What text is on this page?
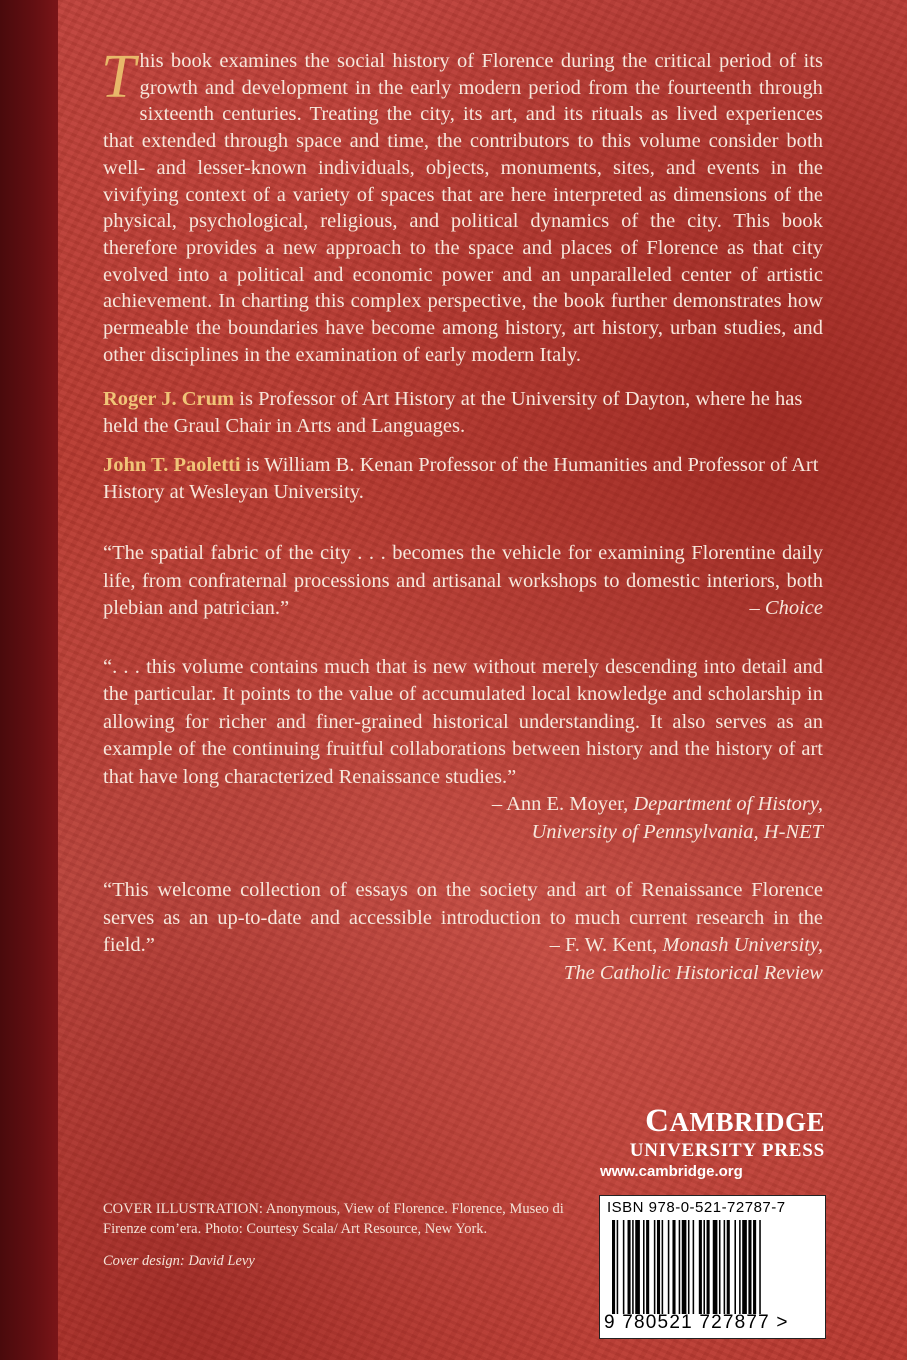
This book examines the social history of Florence during the critical period of its growth and development in the early modern period from the fourteenth through sixteenth centuries. Treating the city, its art, and its rituals as lived experiences that extended through space and time, the contributors to this volume consider both well- and lesser-known individuals, objects, monuments, sites, and events in the vivifying context of a variety of spaces that are here interpreted as dimensions of the physical, psychological, religious, and political dynamics of the city. This book therefore provides a new approach to the space and places of Florence as that city evolved into a political and economic power and an unparalleled center of artistic achievement. In charting this complex perspective, the book further demonstrates how permeable the boundaries have become among history, art history, urban studies, and other disciplines in the examination of early modern Italy.

Roger J. Crum is Professor of Art History at the University of Dayton, where he has held the Graul Chair in Arts and Languages.

John T. Paoletti is William B. Kenan Professor of the Humanities and Professor of Art History at Wesleyan University.

“The spatial fabric of the city . . . becomes the vehicle for examining Florentine daily life, from confraternal processions and artisanal workshops to domestic interiors, both plebian and patrician.”	– Choice

“. . . this volume contains much that is new without merely descending into detail and the particular. It points to the value of accumulated local knowledge and scholarship in allowing for richer and finer-grained historical understanding. It also serves as an example of the continuing fruitful collaborations between history and the history of art that have long characterized Renaissance studies.”
– Ann E. Moyer, Department of History,
University of Pennsylvania, H-NET
“This welcome collection of essays on the society and art of Renaissance Florence serves as an up-to-date and accessible introduction to much current research in the field.”	– F. W. Kent, Monash University,
The Catholic Historical Review
CAMBRIDGE
UNIVERSITY PRESS
www.cambridge.org
COVER ILLUSTRATION: Anonymous, View of Florence. Florence, Museo di Firenze com’era. Photo: Courtesy Scala/ Art Resource, New York.
Cover design: David Levy
ISBN 978-0-521-72787-7
9 780521 727877 >
